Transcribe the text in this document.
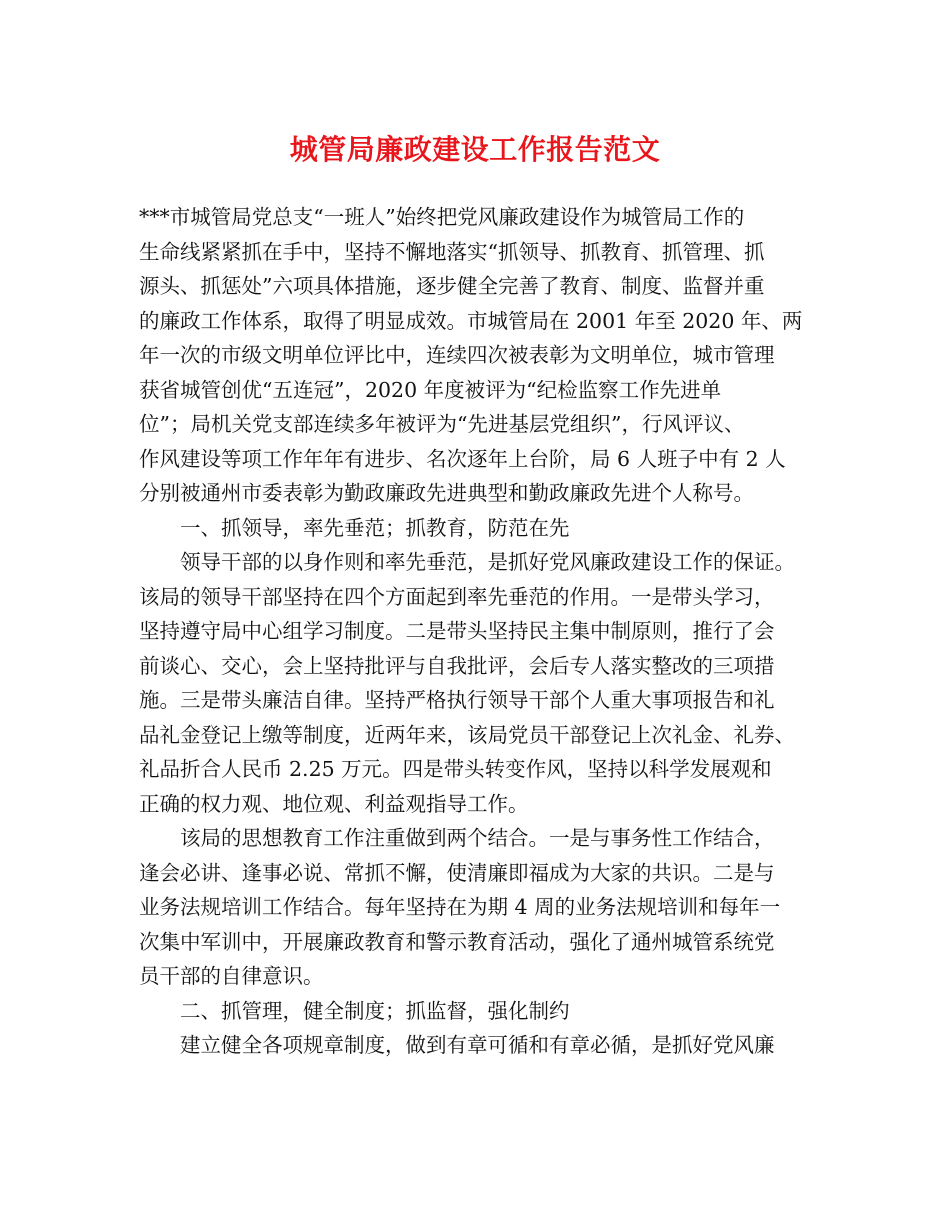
城管局廉政建设工作报告范文
***市城管局党总支“一班人”始终把党风廉政建设作为城管局工作的
生命线紧紧抓在手中，坚持不懈地落实“抓领导、抓教育、抓管理、抓
源头、抓惩处”六项具体措施，逐步健全完善了教育、制度、监督并重
的廉政工作体系，取得了明显成效。市城管局在 2001 年至 2020 年、两
年一次的市级文明单位评比中，连续四次被表彰为文明单位，城市管理
获省城管创优“五连冠”，2020 年度被评为“纪检监察工作先进单
位”；局机关党支部连续多年被评为“先进基层党组织”，行风评议、
作风建设等项工作年年有进步、名次逐年上台阶，局 6 人班子中有 2 人
分别被通州市委表彰为勤政廉政先进典型和勤政廉政先进个人称号。
一、抓领导，率先垂范；抓教育，防范在先
领导干部的以身作则和率先垂范，是抓好党风廉政建设工作的保证。
该局的领导干部坚持在四个方面起到率先垂范的作用。一是带头学习，
坚持遵守局中心组学习制度。二是带头坚持民主集中制原则，推行了会
前谈心、交心，会上坚持批评与自我批评，会后专人落实整改的三项措
施。三是带头廉洁自律。坚持严格执行领导干部个人重大事项报告和礼
品礼金登记上缴等制度，近两年来，该局党员干部登记上次礼金、礼券、
礼品折合人民币 2.25 万元。四是带头转变作风，坚持以科学发展观和
正确的权力观、地位观、利益观指导工作。
该局的思想教育工作注重做到两个结合。一是与事务性工作结合，
逢会必讲、逢事必说、常抓不懈，使清廉即福成为大家的共识。二是与
业务法规培训工作结合。每年坚持在为期 4 周的业务法规培训和每年一
次集中军训中，开展廉政教育和警示教育活动，强化了通州城管系统党
员干部的自律意识。
二、抓管理，健全制度；抓监督，强化制约
建立健全各项规章制度，做到有章可循和有章必循，是抓好党风廉
